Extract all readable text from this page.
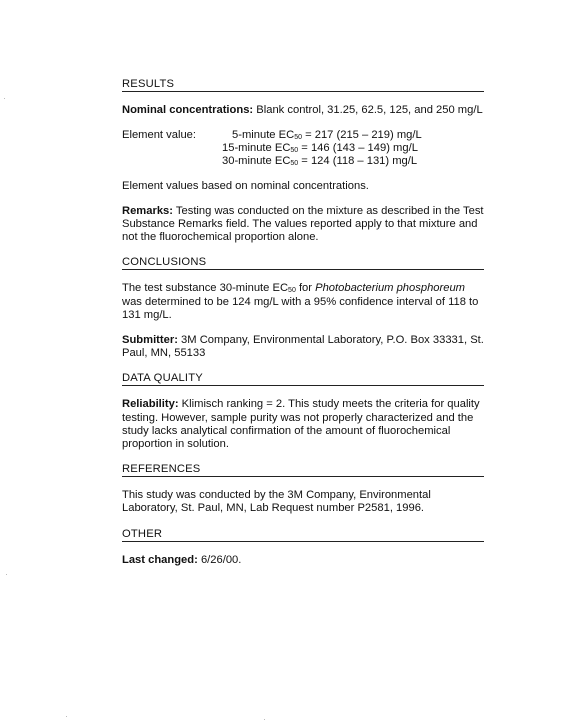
RESULTS

Nominal concentrations: Blank control, 31.25, 62.5, 125, and 250 mg/L

Element value:	5-minute $EC_{50} = 217$ (215 – 219) mg/L
15-minute $EC_{50} = 146$ (143 – 149) mg/L
30-minute $EC_{50} = 124$ (118 – 131) mg/L

Element values based on nominal concentrations.

Remarks: Testing was conducted on the mixture as described in the Test Substance Remarks field. The values reported apply to that mixture and not the fluorochemical proportion alone.

CONCLUSIONS

The test substance 30-minute $EC_{50}$ for Photobacterium phosphoreum was determined to be 124 mg/L with a 95% confidence interval of 118 to 131 mg/L.

Submitter: 3M Company, Environmental Laboratory, P.O. Box 33331, St. Paul, MN, 55133

DATA QUALITY

Reliability: Klimisch ranking = 2. This study meets the criteria for quality testing. However, sample purity was not properly characterized and the study lacks analytical confirmation of the amount of fluorochemical proportion in solution.

REFERENCES

This study was conducted by the 3M Company, Environmental Laboratory, St. Paul, MN, Lab Request number P2581, 1996.

OTHER

Last changed: 6/26/00.
